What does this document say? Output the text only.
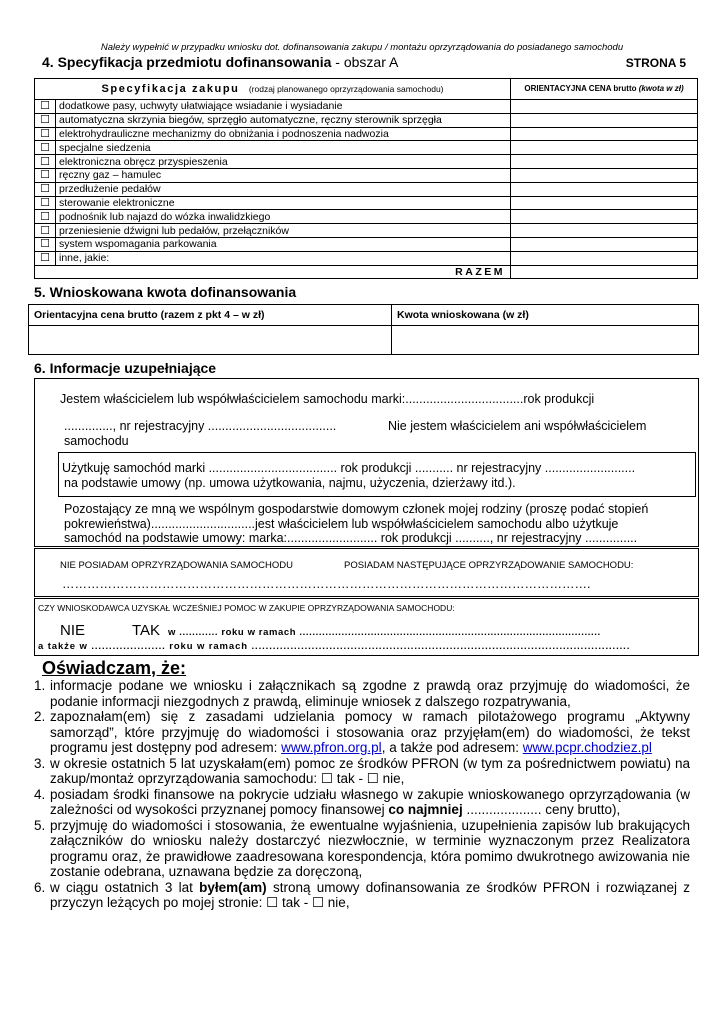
Należy wypełnić w przypadku wniosku dot. dofinansowania zakupu / montażu oprzyrządowania do posiadanego samochodu
4. Specyfikacja przedmiotu dofinansowania - obszar A	STRONA 5
Specyfikacja zakupu (rodzaj planowanego oprzyrządowania samochodu)		ORIENTACYJNA CENA brutto (kwota w zł)
☐	dodatkowe pasy, uchwyty ułatwiające wsiadanie i wysiadanie	
☐	automatyczna skrzynia biegów, sprzęgło automatyczne, ręczny sterownik sprzęgła	
☐	elektrohydrauliczne mechanizmy do obniżania i podnoszenia nadwozia	
☐	specjalne siedzenia	
☐	elektroniczna obręcz przyspieszenia	
☐	ręczny gaz – hamulec	
☐	przedłużenie pedałów	
☐	sterowanie elektroniczne	
☐	podnośnik lub najazd do wózka inwalidzkiego	
☐	przeniesienie dźwigni lub pedałów, przełączników	
☐	system wspomagania parkowania	
☐	inne, jakie:	
RAZEM		
5. Wnioskowana kwota dofinansowania
Orientacyjna cena brutto (razem z pkt 4 – w zł)	Kwota wnioskowana (w zł)

6. Informacje uzupełniające
Jestem właścicielem lub współwłaścicielem samochodu marki:..................................rok produkcji
.............., nr rejestracyjny .....................................	Nie jestem właścicielem ani współwłaścicielem
samochodu
Użytkuję samochód marki ..................................... rok produkcji ........... nr rejestracyjny ..........................
na podstawie umowy (np. umowa użytkowania, najmu, użyczenia, dzierżawy itd.).
Pozostający ze mną we wspólnym gospodarstwie domowym członek mojej rodziny (proszę podać stopień
pokrewieństwa)..............................jest właścicielem lub współwłaścicielem samochodu albo użytkuje
samochód na podstawie umowy: marka:.......................... rok produkcji .........., nr rejestracyjny ...............
NIE POSIADAM OPRZYRZĄDOWANIA SAMOCHODU	POSIADAM NASTĘPUJĄCE OPRZYRZĄDOWANIE SAMOCHODU:
……………………………………………………………………………………………………………….
CZY WNIOSKODAWCA UZYSKAŁ WCZEŚNIEJ POMOC W ZAKUPIE OPRZYRZĄDOWANIA SAMOCHODU:
NIE	TAK w ............ roku w ramach .............................................................................................
a także w ..................... roku w ramach ...........................................................................................................
Oświadczam, że:
1. informacje podane we wniosku i załącznikach są zgodne z prawdą oraz przyjmuję do wiadomości, że podanie informacji niezgodnych z prawdą, eliminuje wniosek z dalszego rozpatrywania,
2. zapoznałam(em) się z zasadami udzielania pomocy w ramach pilotażowego programu „Aktywny samorząd”, które przyjmuję do wiadomości i stosowania oraz przyjęłam(em) do wiadomości, że tekst programu jest dostępny pod adresem: www.pfron.org.pl, a także pod adresem: www.pcpr.chodziez.pl
3. w okresie ostatnich 5 lat uzyskałam(em) pomoc ze środków PFRON (w tym za pośrednictwem powiatu) na zakup/montaż oprzyrządowania samochodu: ☐ tak - ☐ nie,
4. posiadam środki finansowe na pokrycie udziału własnego w zakupie wnioskowanego oprzyrządowania (w zależności od wysokości przyznanej pomocy finansowej co najmniej .................... ceny brutto),
5. przyjmuję do wiadomości i stosowania, że ewentualne wyjaśnienia, uzupełnienia zapisów lub brakujących załączników do wniosku należy dostarczyć niezwłocznie, w terminie wyznaczonym przez Realizatora programu oraz, że prawidłowe zaadresowana korespondencja, która pomimo dwukrotnego awizowania nie zostanie odebrana, uznawana będzie za doręczoną,
6. w ciągu ostatnich 3 lat byłem(am) stroną umowy dofinansowania ze środków PFRON i rozwiązanej z przyczyn leżących po mojej stronie: ☐ tak - ☐ nie,
